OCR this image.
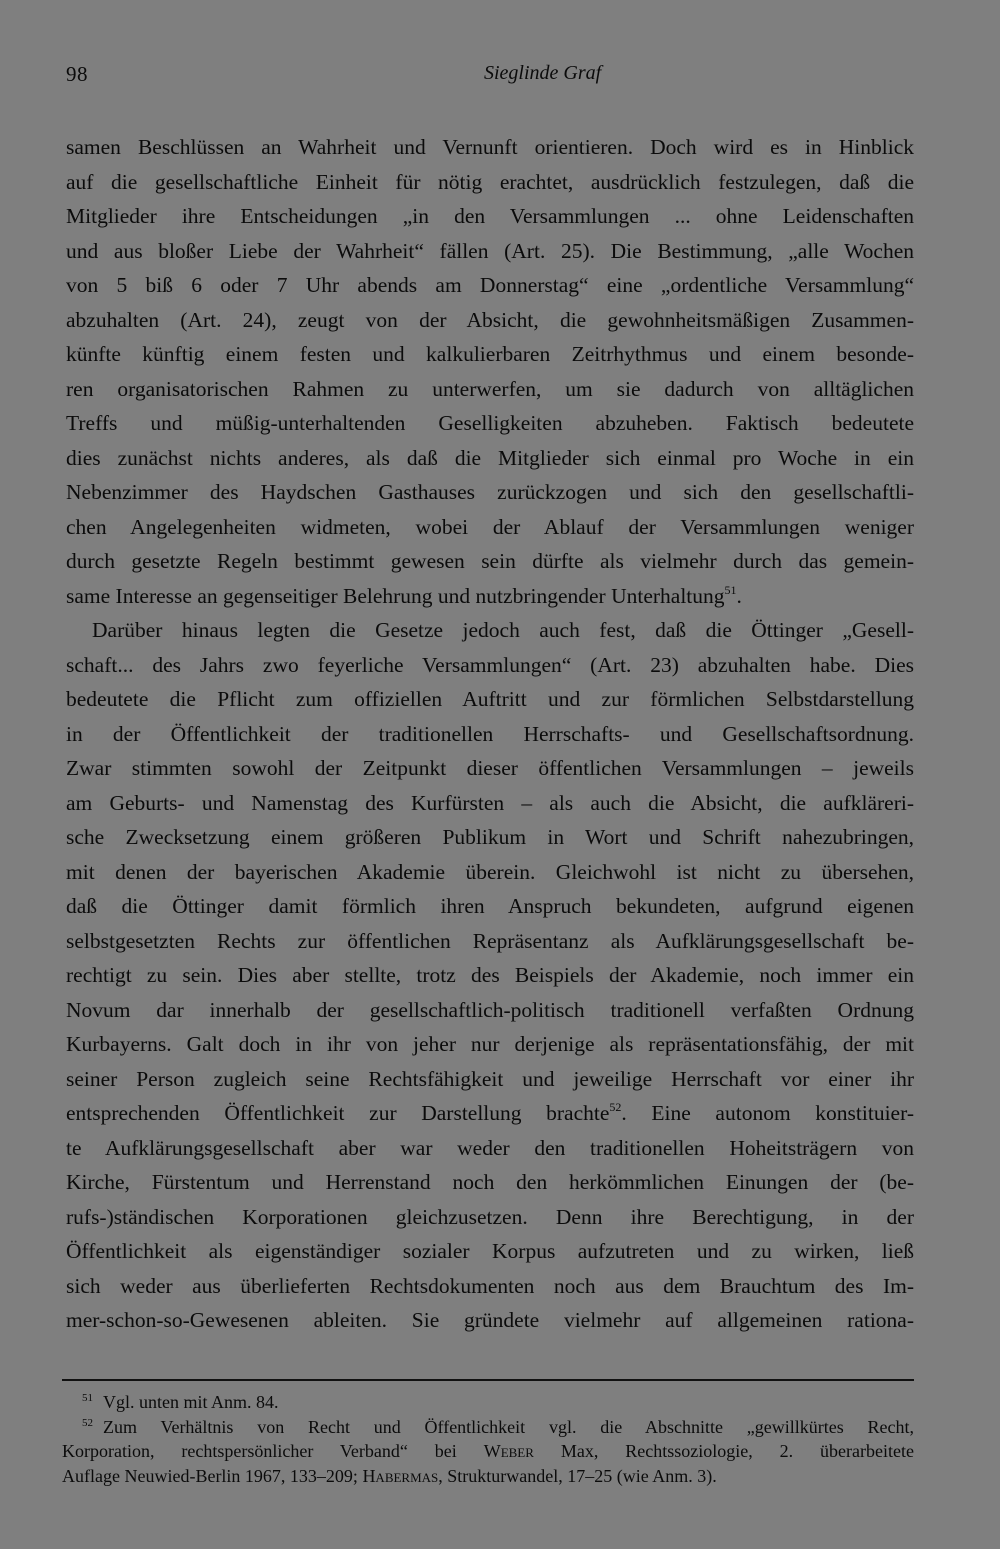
98	Sieglinde Graf
samen Beschlüssen an Wahrheit und Vernunft orientieren. Doch wird es in Hinblick
auf die gesellschaftliche Einheit für nötig erachtet, ausdrücklich festzulegen, daß die
Mitglieder ihre Entscheidungen „in den Versammlungen ... ohne Leidenschaften
und aus bloßer Liebe der Wahrheit“ fällen (Art. 25). Die Bestimmung, „alle Wochen
von 5 biß 6 oder 7 Uhr abends am Donnerstag“ eine „ordentliche Versammlung“
abzuhalten (Art. 24), zeugt von der Absicht, die gewohnheitsmäßigen Zusammen-
künfte künftig einem festen und kalkulierbaren Zeitrhythmus und einem besonde-
ren organisatorischen Rahmen zu unterwerfen, um sie dadurch von alltäglichen
Treffs und müßig-unterhaltenden Geselligkeiten abzuheben. Faktisch bedeutete
dies zunächst nichts anderes, als daß die Mitglieder sich einmal pro Woche in ein
Nebenzimmer des Haydschen Gasthauses zurückzogen und sich den gesellschaftli-
chen Angelegenheiten widmeten, wobei der Ablauf der Versammlungen weniger
durch gesetzte Regeln bestimmt gewesen sein dürfte als vielmehr durch das gemein-
same Interesse an gegenseitiger Belehrung und nutzbringender Unterhaltung$^{51}$.
Darüber hinaus legten die Gesetze jedoch auch fest, daß die Öttinger „Gesell-
schaft... des Jahrs zwo feyerliche Versammlungen“ (Art. 23) abzuhalten habe. Dies
bedeutete die Pflicht zum offiziellen Auftritt und zur förmlichen Selbstdarstellung
in der Öffentlichkeit der traditionellen Herrschafts- und Gesellschaftsordnung.
Zwar stimmten sowohl der Zeitpunkt dieser öffentlichen Versammlungen – jeweils
am Geburts- und Namenstag des Kurfürsten – als auch die Absicht, die aufkläreri-
sche Zwecksetzung einem größeren Publikum in Wort und Schrift nahezubringen,
mit denen der bayerischen Akademie überein. Gleichwohl ist nicht zu übersehen,
daß die Öttinger damit förmlich ihren Anspruch bekundeten, aufgrund eigenen
selbstgesetzten Rechts zur öffentlichen Repräsentanz als Aufklärungsgesellschaft be-
rechtigt zu sein. Dies aber stellte, trotz des Beispiels der Akademie, noch immer ein
Novum dar innerhalb der gesellschaftlich-politisch traditionell verfaßten Ordnung
Kurbayerns. Galt doch in ihr von jeher nur derjenige als repräsentationsfähig, der mit
seiner Person zugleich seine Rechtsfähigkeit und jeweilige Herrschaft vor einer ihr
entsprechenden Öffentlichkeit zur Darstellung brachte$^{52}$. Eine autonom konstituier-
te Aufklärungsgesellschaft aber war weder den traditionellen Hoheitsträgern von
Kirche, Fürstentum und Herrenstand noch den herkömmlichen Einungen der (be-
rufs-)ständischen Korporationen gleichzusetzen. Denn ihre Berechtigung, in der
Öffentlichkeit als eigenständiger sozialer Korpus aufzutreten und zu wirken, ließ
sich weder aus überlieferten Rechtsdokumenten noch aus dem Brauchtum des Im-
mer-schon-so-Gewesenen ableiten. Sie gründete vielmehr auf allgemeinen rationa-
$^{51}$ Vgl. unten mit Anm. 84.
$^{52}$ Zum Verhältnis von Recht und Öffentlichkeit vgl. die Abschnitte „gewillkürtes Recht,
Korporation, rechtspersönlicher Verband“ bei Weber Max, Rechtssoziologie, 2. überarbeitete
Auflage Neuwied-Berlin 1967, 133–209; Habermas, Strukturwandel, 17–25 (wie Anm. 3).
